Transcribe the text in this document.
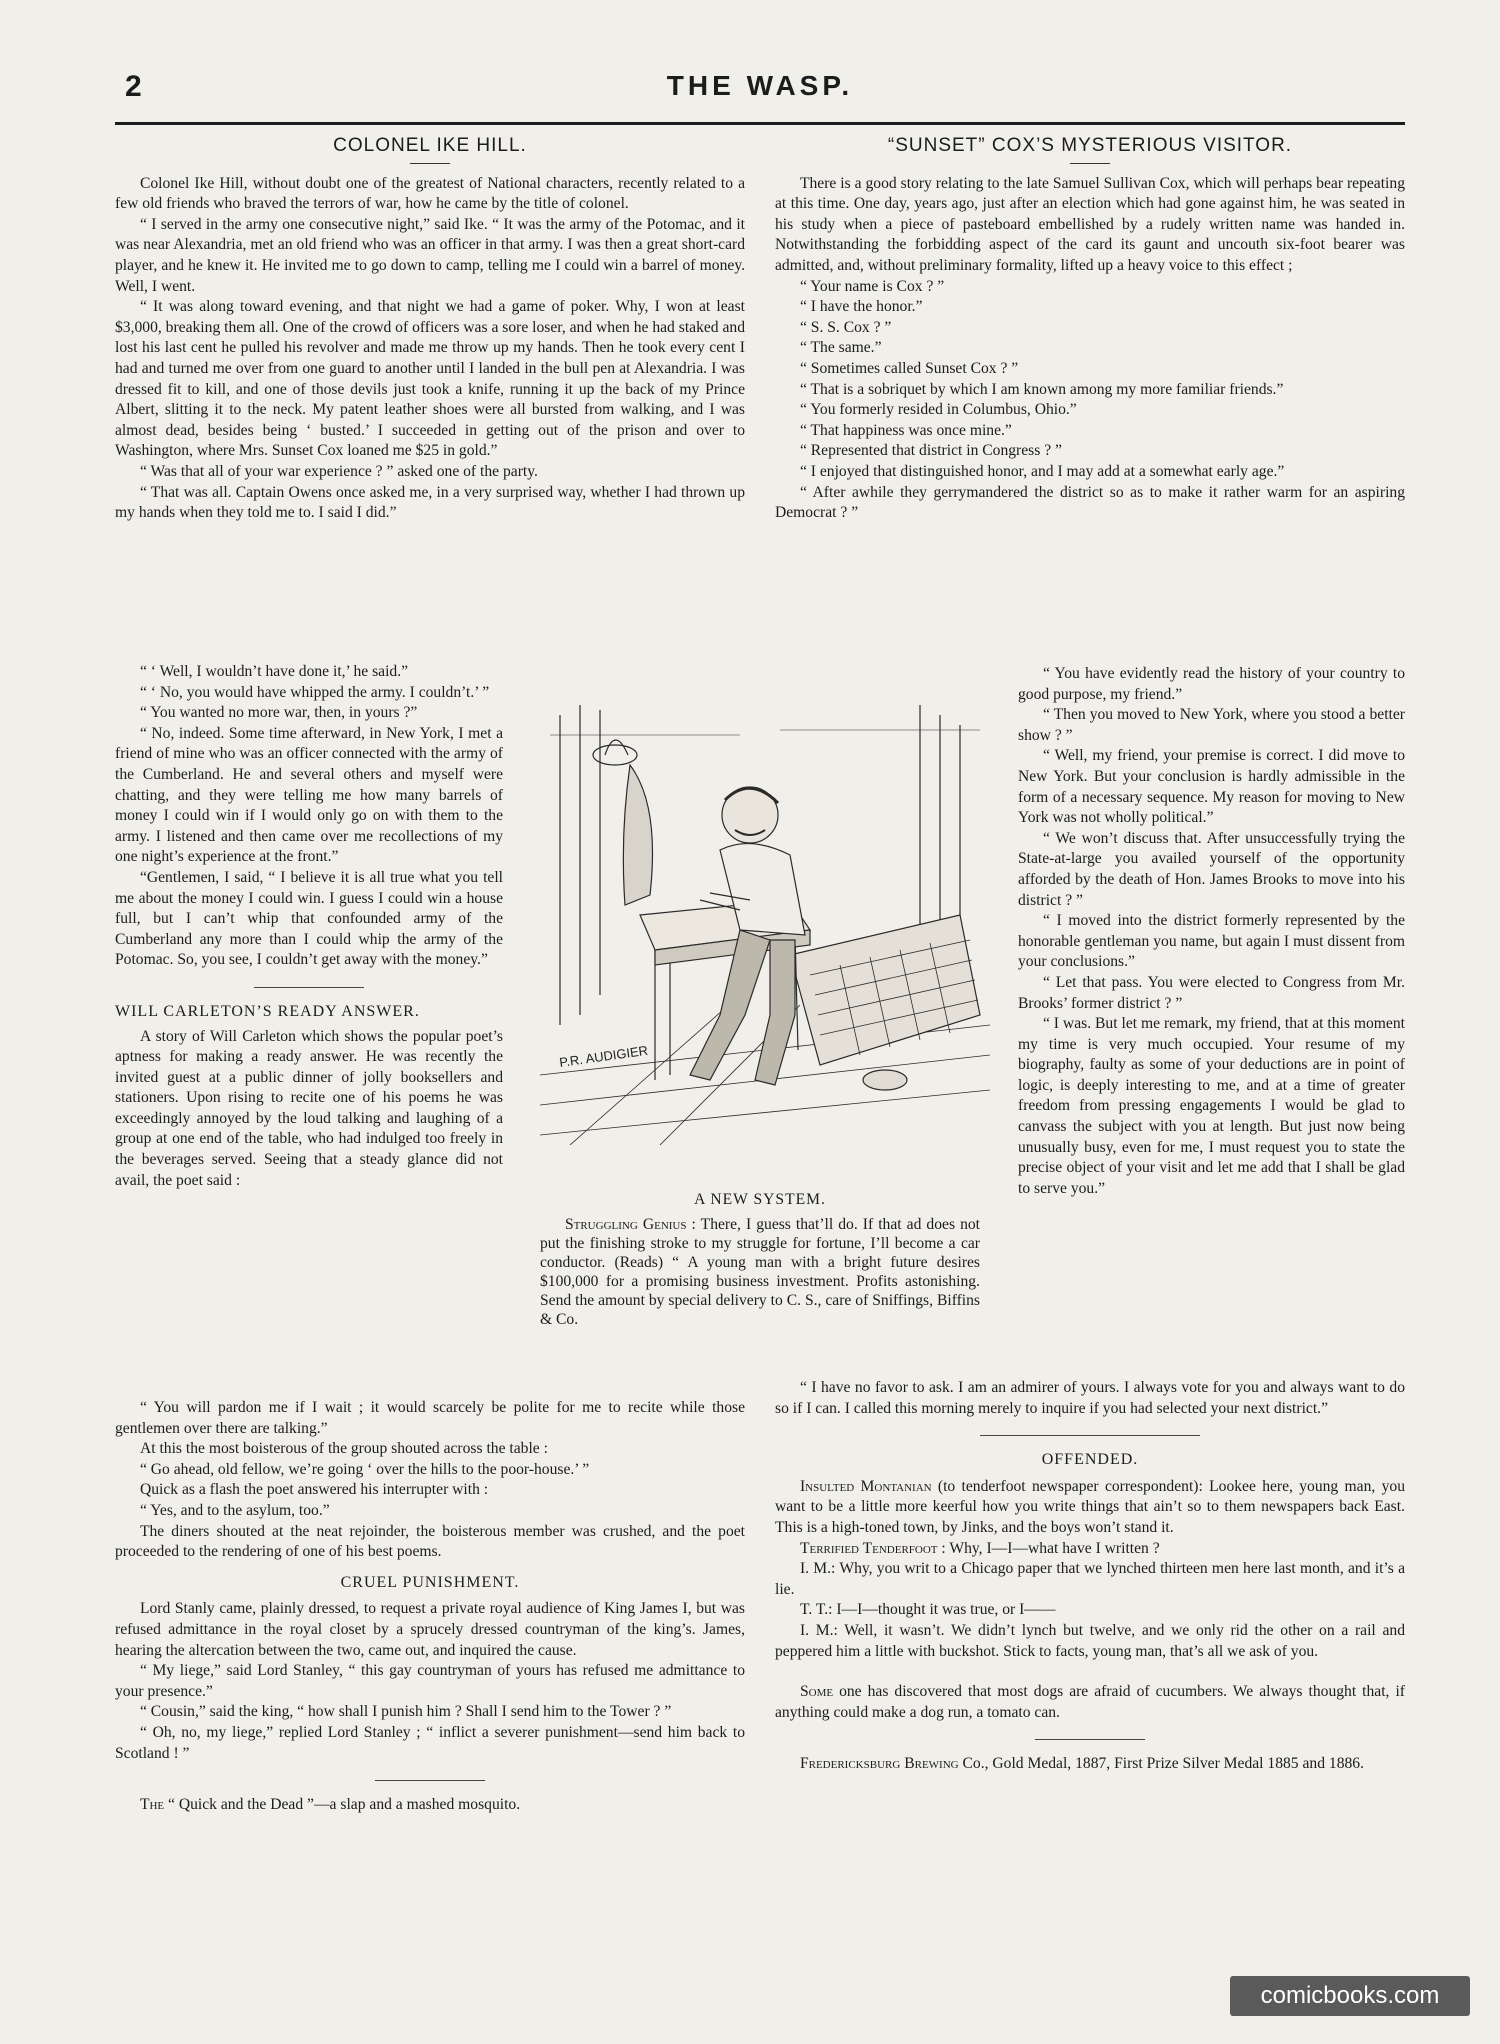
2	THE WASP.
COLONEL IKE HILL.

Colonel Ike Hill, without doubt one of the greatest of National characters, recently related to a few old friends who braved the terrors of war, how he came by the title of colonel.

“ I served in the army one consecutive night,” said Ike. “ It was the army of the Potomac, and it was near Alexandria, met an old friend who was an officer in that army. I was then a great short-card player, and he knew it. He invited me to go down to camp, telling me I could win a barrel of money. Well, I went.

“ It was along toward evening, and that night we had a game of poker. Why, I won at least $3,000, breaking them all. One of the crowd of officers was a sore loser, and when he had staked and lost his last cent he pulled his revolver and made me throw up my hands. Then he took every cent I had and turned me over from one guard to another until I landed in the bull pen at Alexandria. I was dressed fit to kill, and one of those devils just took a knife, running it up the back of my Prince Albert, slitting it to the neck. My patent leather shoes were all bursted from walking, and I was almost dead, besides being ‘ busted.’ I succeeded in getting out of the prison and over to Washington, where Mrs. Sunset Cox loaned me $25 in gold.”

“ Was that all of your war experience ? ” asked one of the party.

“ That was all. Captain Owens once asked me, in a very surprised way, whether I had thrown up my hands when they told me to. I said I did.”

“ ‘ Well, I wouldn’t have done it,’ he said.”

“ ‘ No, you would have whipped the army. I couldn’t.’ ”

“ You wanted no more war, then, in yours ?”

“ No, indeed. Some time afterward, in New York, I met a friend of mine who was an officer connected with the army of the Cumberland. He and several others and myself were chatting, and they were telling me how many barrels of money I could win if I would only go on with them to the army. I listened and then came over me recollections of my one night’s experience at the front.”

“Gentlemen, I said, “ I believe it is all true what you tell me about the money I could win. I guess I could win a house full, but I can’t whip that confounded army of the Cumberland any more than I could whip the army of the Potomac. So, you see, I couldn’t get away with the money.”

WILL CARLETON’S READY ANSWER.

A story of Will Carleton which shows the popular poet’s aptness for making a ready answer. He was recently the invited guest at a public dinner of jolly booksellers and stationers. Upon rising to recite one of his poems he was exceedingly annoyed by the loud talking and laughing of a group at one end of the table, who had indulged too freely in the beverages served. Seeing that a steady glance did not avail, the poet said :

“ You will pardon me if I wait ; it would scarcely be polite for me to recite while those gentlemen over there are talking.”

At this the most boisterous of the group shouted across the table :

“ Go ahead, old fellow, we’re going ‘ over the hills to the poor-house.’ ”

Quick as a flash the poet answered his interrupter with :

“ Yes, and to the asylum, too.”

The diners shouted at the neat rejoinder, the boisterous member was crushed, and the poet proceeded to the rendering of one of his best poems.

CRUEL PUNISHMENT.

Lord Stanly came, plainly dressed, to request a private royal audience of King James I, but was refused admittance in the royal closet by a sprucely dressed countryman of the king’s. James, hearing the altercation between the two, came out, and inquired the cause.

“ My liege,” said Lord Stanley, “ this gay countryman of yours has refused me admittance to your presence.”

“ Cousin,” said the king, “ how shall I punish him ? Shall I send him to the Tower ? ”

“ Oh, no, my liege,” replied Lord Stanley ; “ inflict a severer punishment—send him back to Scotland ! ”

The “ Quick and the Dead ”—a slap and a mashed mosquito.

“SUNSET” COX’S MYSTERIOUS VISITOR.

There is a good story relating to the late Samuel Sullivan Cox, which will perhaps bear repeating at this time. One day, years ago, just after an election which had gone against him, he was seated in his study when a piece of pasteboard embellished by a rudely written name was handed in. Notwithstanding the forbidding aspect of the card its gaunt and uncouth six-foot bearer was admitted, and, without preliminary formality, lifted up a heavy voice to this effect ;

“ Your name is Cox ? ”

“ I have the honor.”

“ S. S. Cox ? ”

“ The same.”

“ Sometimes called Sunset Cox ? ”

“ That is a sobriquet by which I am known among my more familiar friends.”

“ You formerly resided in Columbus, Ohio.”

“ That happiness was once mine.”

“ Represented that district in Congress ? ”

“ I enjoyed that distinguished honor, and I may add at a somewhat early age.”

“ After awhile they gerrymandered the district so as to make it rather warm for an aspiring Democrat ? ”

“ You have evidently read the history of your country to good purpose, my friend.”

“ Then you moved to New York, where you stood a better show ? ”

“ Well, my friend, your premise is correct. I did move to New York. But your conclusion is hardly admissible in the form of a necessary sequence. My reason for moving to New York was not wholly political.”

“ We won’t discuss that. After unsuccessfully trying the State-at-large you availed yourself of the opportunity afforded by the death of Hon. James Brooks to move into his district ? ”

“ I moved into the district formerly represented by the honorable gentleman you name, but again I must dissent from your conclusions.”

“ Let that pass. You were elected to Congress from Mr. Brooks’ former district ? ”

“ I was. But let me remark, my friend, that at this moment my time is very much occupied. Your resume of my biography, faulty as some of your deductions are in point of logic, is deeply interesting to me, and at a time of greater freedom from pressing engagements I would be glad to canvass the subject with you at length. But just now being unusually busy, even for me, I must request you to state the precise object of your visit and let me add that I shall be glad to serve you.”

“ I have no favor to ask. I am an admirer of yours. I always vote for you and always want to do so if I can. I called this morning merely to inquire if you had selected your next district.”

OFFENDED.

Insulted Montanian (to tenderfoot newspaper correspondent): Lookee here, young man, you want to be a little more keerful how you write things that ain’t so to them newspapers back East. This is a high-toned town, by Jinks, and the boys won’t stand it.

Terrified Tenderfoot : Why, I—I—what have I written ?

I. M.: Why, you writ to a Chicago paper that we lynched thirteen men here last month, and it’s a lie.

T. T.: I—I—thought it was true, or I——

I. M.: Well, it wasn’t. We didn’t lynch but twelve, and we only rid the other on a rail and peppered him a little with buckshot. Stick to facts, young man, that’s all we ask of you.

Some one has discovered that most dogs are afraid of cucumbers. We always thought that, if anything could make a dog run, a tomato can.

Fredericksburg Brewing Co., Gold Medal, 1887, First Prize Silver Medal 1885 and 1886.

P.R. AUDIGIER
A NEW SYSTEM.

Struggling Genius : There, I guess that’ll do. If that ad does not put the finishing stroke to my struggle for fortune, I’ll become a car conductor. (Reads) “ A young man with a bright future desires $100,000 for a promising business investment. Profits astonishing. Send the amount by special delivery to C. S., care of Sniffings, Biffins & Co.

comicbooks.com
